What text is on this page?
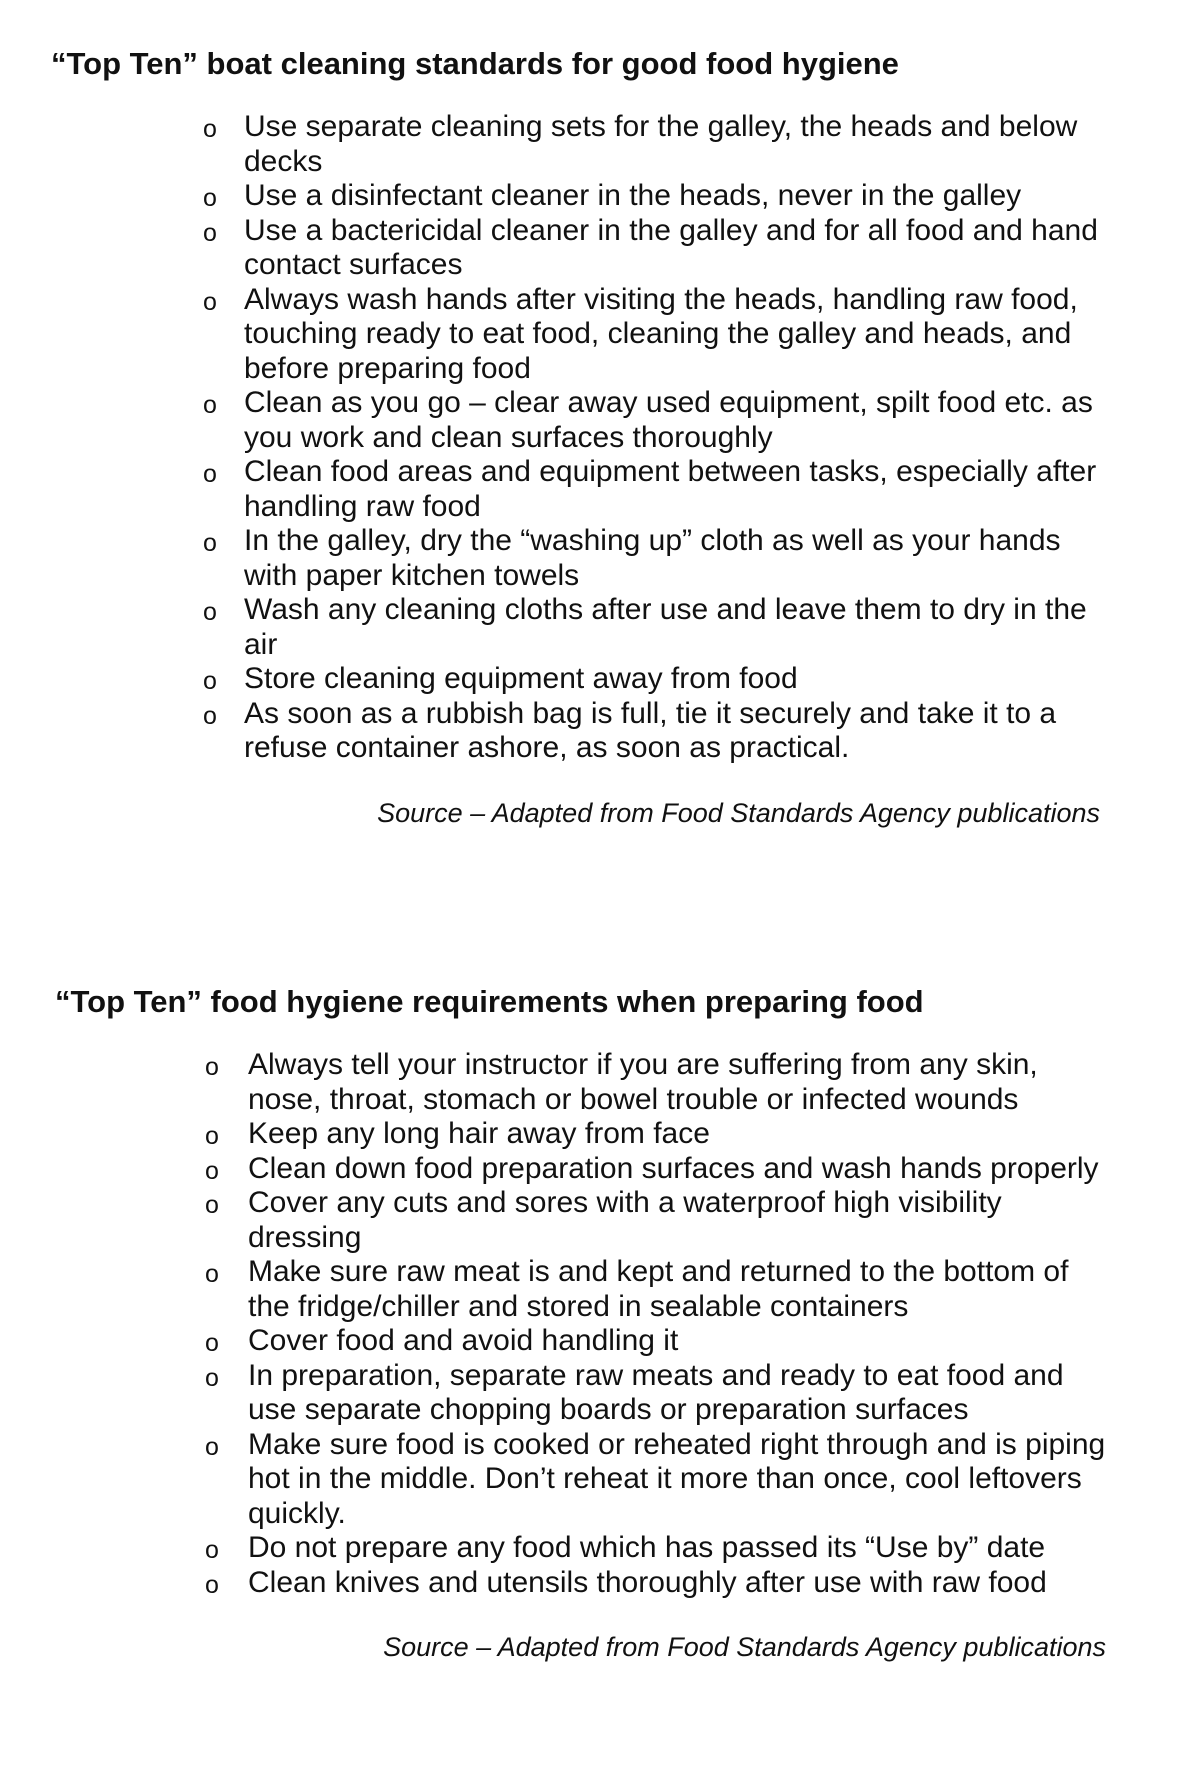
“Top Ten” boat cleaning standards for good food hygiene
o Use separate cleaning sets for the galley, the heads and below decks
o Use a disinfectant cleaner in the heads, never in the galley
o Use a bactericidal cleaner in the galley and for all food and hand contact surfaces
o Always wash hands after visiting the heads, handling raw food, touching ready to eat food, cleaning the galley and heads, and before preparing food
o Clean as you go – clear away used equipment, spilt food etc. as you work and clean surfaces thoroughly
o Clean food areas and equipment between tasks, especially after handling raw food
o In the galley, dry the “washing up” cloth as well as your hands with paper kitchen towels
o Wash any cleaning cloths after use and leave them to dry in the air
o Store cleaning equipment away from food
o As soon as a rubbish bag is full, tie it securely and take it to a refuse container ashore, as soon as practical.

Source – Adapted from Food Standards Agency publications

“Top Ten” food hygiene requirements when preparing food
o Always tell your instructor if you are suffering from any skin, nose, throat, stomach or bowel trouble or infected wounds
o Keep any long hair away from face
o Clean down food preparation surfaces and wash hands properly
o Cover any cuts and sores with a waterproof high visibility dressing
o Make sure raw meat is and kept and returned to the bottom of the fridge/chiller and stored in sealable containers
o Cover food and avoid handling it
o In preparation, separate raw meats and ready to eat food and use separate chopping boards or preparation surfaces
o Make sure food is cooked or reheated right through and is piping hot in the middle. Don’t reheat it more than once, cool leftovers quickly.
o Do not prepare any food which has passed its “Use by” date
o Clean knives and utensils thoroughly after use with raw food

Source – Adapted from Food Standards Agency publications
